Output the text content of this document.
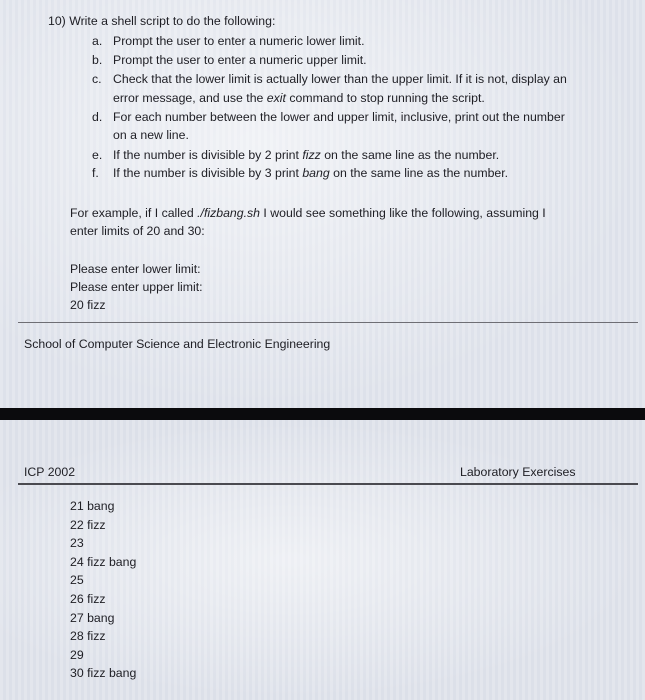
10) Write a shell script to do the following:
a. Prompt the user to enter a numeric lower limit.
b. Prompt the user to enter a numeric upper limit.
c. Check that the lower limit is actually lower than the upper limit. If it is not, display an
error message, and use the exit command to stop running the script.
d. For each number between the lower and upper limit, inclusive, print out the number
on a new line.
e. If the number is divisible by 2 print fizz on the same line as the number.
f. If the number is divisible by 3 print bang on the same line as the number.
For example, if I called ./fizbang.sh I would see something like the following, assuming I
enter limits of 20 and 30:
Please enter lower limit:
Please enter upper limit:
20 fizz
School of Computer Science and Electronic Engineering
ICP 2002	Laboratory Exercises
21 bang
22 fizz
23
24 fizz bang
25
26 fizz
27 bang
28 fizz
29
30 fizz bang
